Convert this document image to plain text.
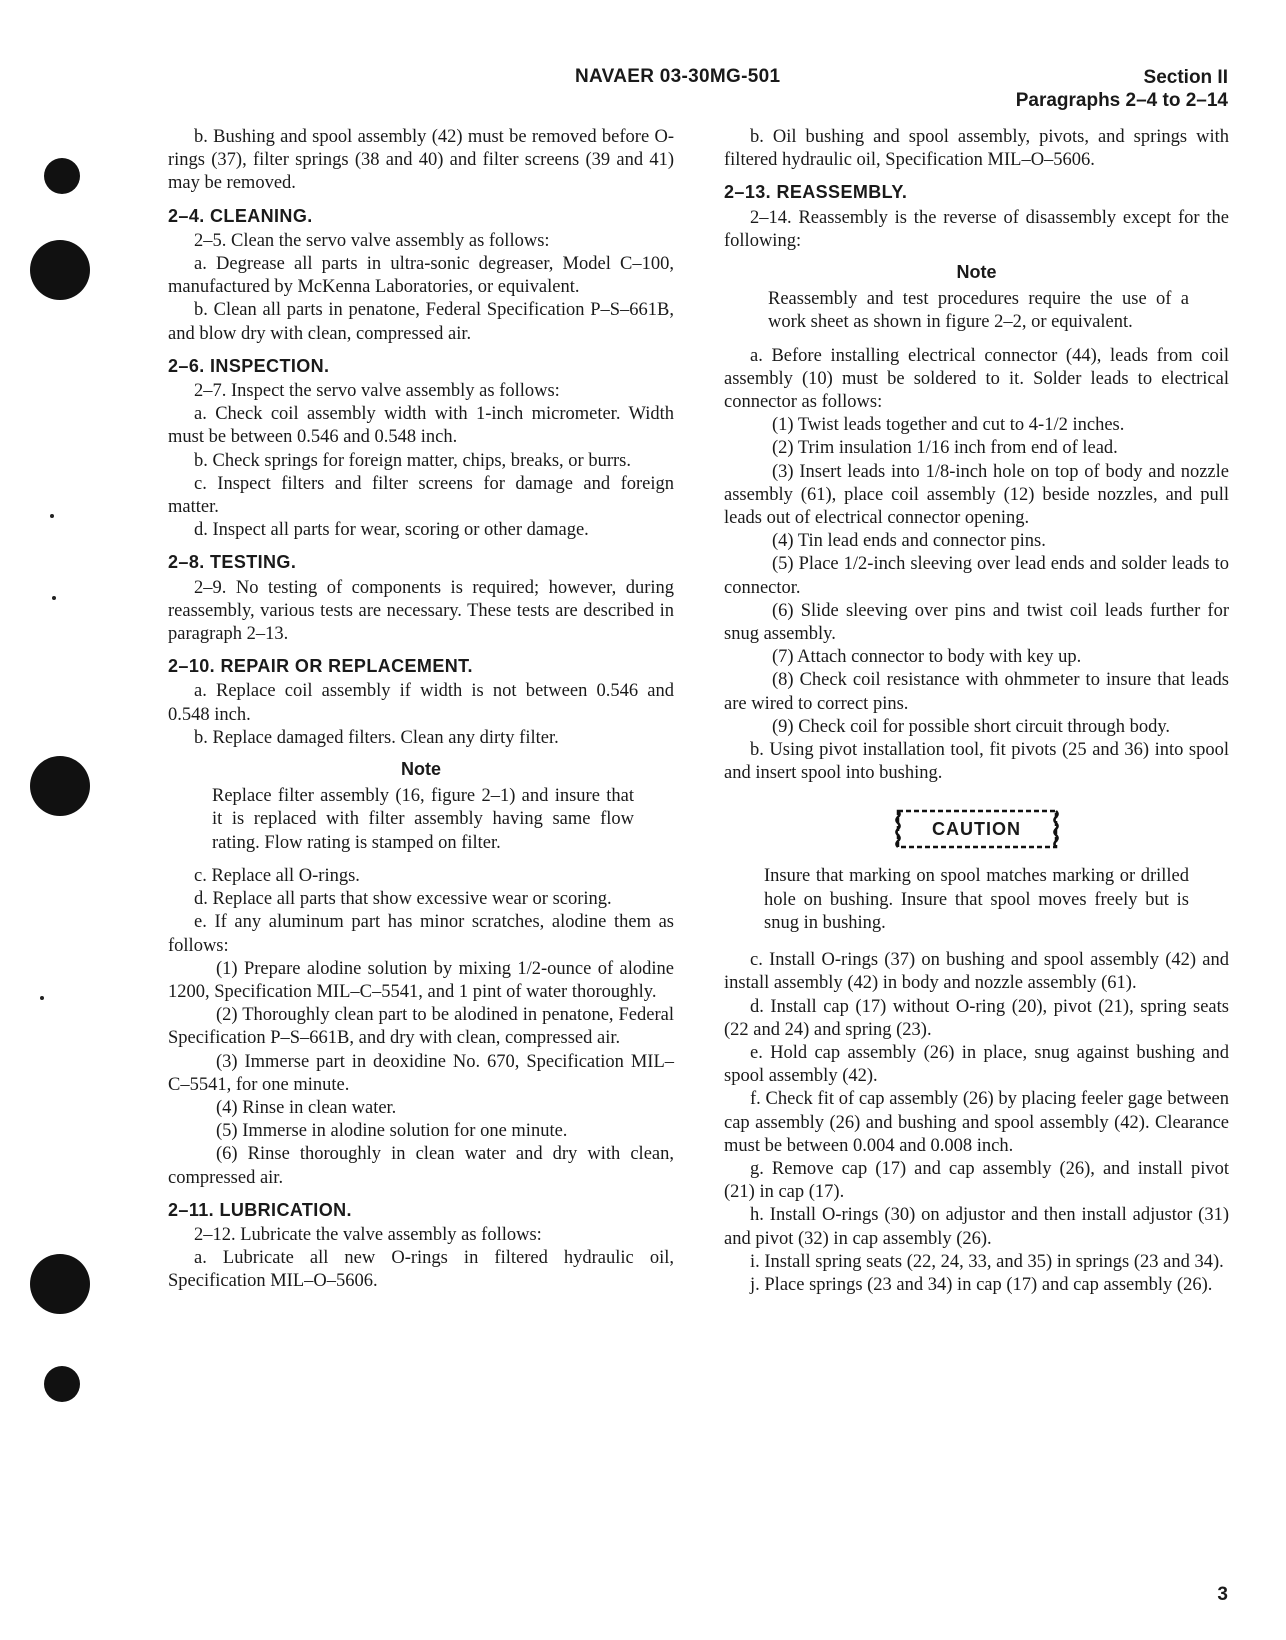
NAVAER 03-30MG-501	Section II
Paragraphs 2–4 to 2–14

b. Bushing and spool assembly (42) must be removed before O-rings (37), filter springs (38 and 40) and filter screens (39 and 41) may be removed.

2–4. CLEANING.

2–5. Clean the servo valve assembly as follows:

a. Degrease all parts in ultra-sonic degreaser, Model C–100, manufactured by McKenna Laboratories, or equivalent.

b. Clean all parts in penatone, Federal Specification P–S–661B, and blow dry with clean, compressed air.

2–6. INSPECTION.

2–7. Inspect the servo valve assembly as follows:

a. Check coil assembly width with 1-inch micrometer. Width must be between 0.546 and 0.548 inch.

b. Check springs for foreign matter, chips, breaks, or burrs.

c. Inspect filters and filter screens for damage and foreign matter.

d. Inspect all parts for wear, scoring or other damage.

2–8. TESTING.

2–9. No testing of components is required; however, during reassembly, various tests are necessary. These tests are described in paragraph 2–13.

2–10. REPAIR OR REPLACEMENT.

a. Replace coil assembly if width is not between 0.546 and 0.548 inch.

b. Replace damaged filters. Clean any dirty filter.

Note

Replace filter assembly (16, figure 2–1) and insure that it is replaced with filter assembly having same flow rating. Flow rating is stamped on filter.

c. Replace all O-rings.

d. Replace all parts that show excessive wear or scoring.

e. If any aluminum part has minor scratches, alodine them as follows:

(1) Prepare alodine solution by mixing 1/2-ounce of alodine 1200, Specification MIL–C–5541, and 1 pint of water thoroughly.

(2) Thoroughly clean part to be alodined in penatone, Federal Specification P–S–661B, and dry with clean, compressed air.

(3) Immerse part in deoxidine No. 670, Specification MIL–C–5541, for one minute.

(4) Rinse in clean water.

(5) Immerse in alodine solution for one minute.

(6) Rinse thoroughly in clean water and dry with clean, compressed air.

2–11. LUBRICATION.

2–12. Lubricate the valve assembly as follows:

a. Lubricate all new O-rings in filtered hydraulic oil, Specification MIL–O–5606.

b. Oil bushing and spool assembly, pivots, and springs with filtered hydraulic oil, Specification MIL–O–5606.

2–13. REASSEMBLY.

2–14. Reassembly is the reverse of disassembly except for the following:

Note

Reassembly and test procedures require the use of a work sheet as shown in figure 2–2, or equivalent.

a. Before installing electrical connector (44), leads from coil assembly (10) must be soldered to it. Solder leads to electrical connector as follows:

(1) Twist leads together and cut to 4-1/2 inches.

(2) Trim insulation 1/16 inch from end of lead.

(3) Insert leads into 1/8-inch hole on top of body and nozzle assembly (61), place coil assembly (12) beside nozzles, and pull leads out of electrical connector opening.

(4) Tin lead ends and connector pins.

(5) Place 1/2-inch sleeving over lead ends and solder leads to connector.

(6) Slide sleeving over pins and twist coil leads further for snug assembly.

(7) Attach connector to body with key up.

(8) Check coil resistance with ohmmeter to insure that leads are wired to correct pins.

(9) Check coil for possible short circuit through body.

b. Using pivot installation tool, fit pivots (25 and 36) into spool and insert spool into bushing.

CAUTION

Insure that marking on spool matches marking or drilled hole on bushing. Insure that spool moves freely but is snug in bushing.

c. Install O-rings (37) on bushing and spool assembly (42) and install assembly (42) in body and nozzle assembly (61).

d. Install cap (17) without O-ring (20), pivot (21), spring seats (22 and 24) and spring (23).

e. Hold cap assembly (26) in place, snug against bushing and spool assembly (42).

f. Check fit of cap assembly (26) by placing feeler gage between cap assembly (26) and bushing and spool assembly (42). Clearance must be between 0.004 and 0.008 inch.

g. Remove cap (17) and cap assembly (26), and install pivot (21) in cap (17).

h. Install O-rings (30) on adjustor and then install adjustor (31) and pivot (32) in cap assembly (26).

i. Install spring seats (22, 24, 33, and 35) in springs (23 and 34).

j. Place springs (23 and 34) in cap (17) and cap assembly (26).

3
